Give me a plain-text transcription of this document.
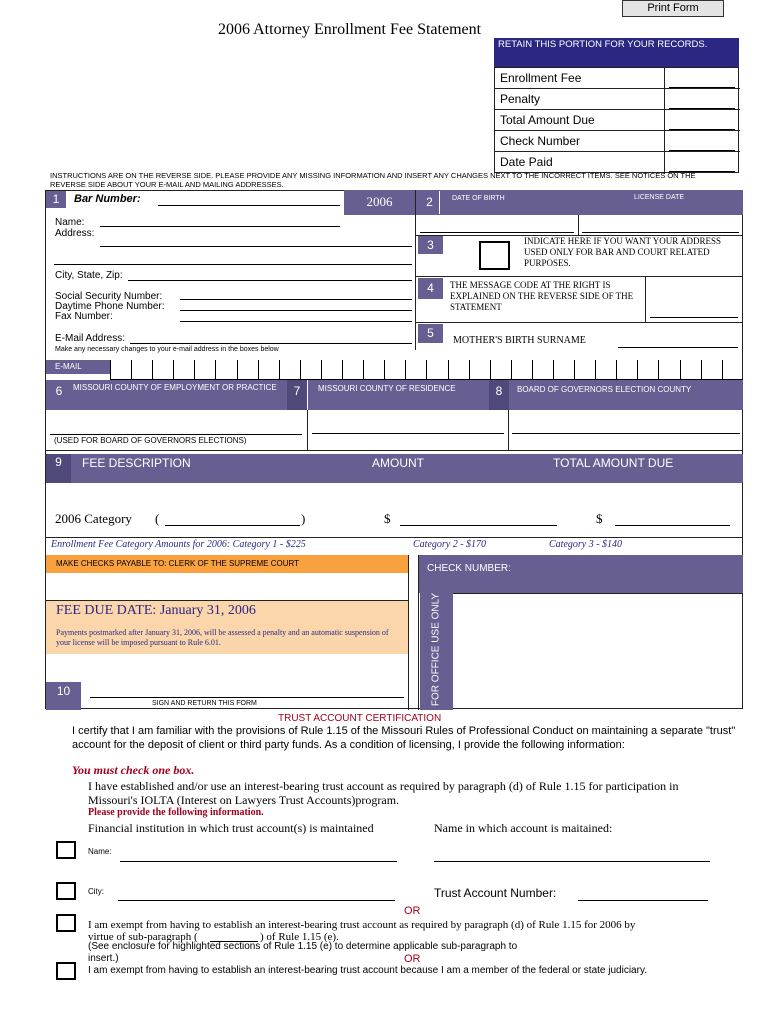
Print Form
2006 Attorney Enrollment Fee Statement
RETAIN THIS PORTION FOR YOUR RECORDS.
Enrollment Fee
Penalty
Total Amount Due
Check Number
Date Paid
INSTRUCTIONS ARE ON THE REVERSE SIDE. PLEASE PROVIDE ANY MISSING INFORMATION AND INSERT ANY CHANGES NEXT TO THE INCORRECT ITEMS. SEE NOTICES ON THE REVERSE SIDE ABOUT YOUR E-MAIL AND MAILING ADDRESSES.
1	Bar Number:	2006
Name:
Address:
City, State, Zip:
Social Security Number:
Daytime Phone Number:
Fax Number:
E-Mail Address:
Make any necessary changes to your e-mail address in the boxes below
2	DATE OF BIRTH	LICENSE DATE
3	INDICATE HERE IF YOU WANT YOUR ADDRESS USED ONLY FOR BAR AND COURT RELATED PURPOSES.
4	THE MESSAGE CODE AT THE RIGHT IS EXPLAINED ON THE REVERSE SIDE OF THE STATEMENT
5
MOTHER'S BIRTH SURNAME
E-MAIL
6	MISSOURI COUNTY OF EMPLOYMENT OR PRACTICE	7	MISSOURI COUNTY OF RESIDENCE	8	BOARD OF GOVERNORS ELECTION COUNTY
(USED FOR BOARD OF GOVERNORS ELECTIONS)
9	FEE DESCRIPTION	AMOUNT	TOTAL AMOUNT DUE
2006 Category (	)	$	$
Enrollment Fee Category Amounts for 2006: Category 1 - $225	Category 2 - $170	Category 3 - $140
MAKE CHECKS PAYABLE TO: CLERK OF THE SUPREME COURT	CHECK NUMBER:
FEE DUE DATE: January 31, 2006
Payments postmarked after January 31, 2006, will be assessed a penalty and an automatic suspension of your license will be imposed pursuant to Rule 6.01.	FOR OFFICE USE ONLY
10
SIGN AND RETURN THIS FORM
TRUST ACCOUNT CERTIFICATION
I certify that I am familiar with the provisions of Rule 1.15 of the Missouri Rules of Professional Conduct on maintaining a separate "trust" account for the deposit of client or third party funds. As a condition of licensing, I provide the following information:
You must check one box.
I have established and/or use an interest-bearing trust account as required by paragraph (d) of Rule 1.15 for participation in Missouri's IOLTA (Interest on Lawyers Trust Accounts)program.
Please provide the following information.
Financial institution in which trust account(s) is maintained	Name in which account is maitained:
Name:
City:	Trust Account Number:
OR
I am exempt from having to establish an interest-bearing trust account as required by paragraph (d) of Rule 1.15 for 2006 by
virtue of sub-paragraph (	) of Rule 1.15 (e).
(See enclosure for highlighted sections of Rule 1.15 (e) to determine applicable sub-paragraph to
insert.)	OR
I am exempt from having to establish an interest-bearing trust account because I am a member of the federal or state judiciary.
